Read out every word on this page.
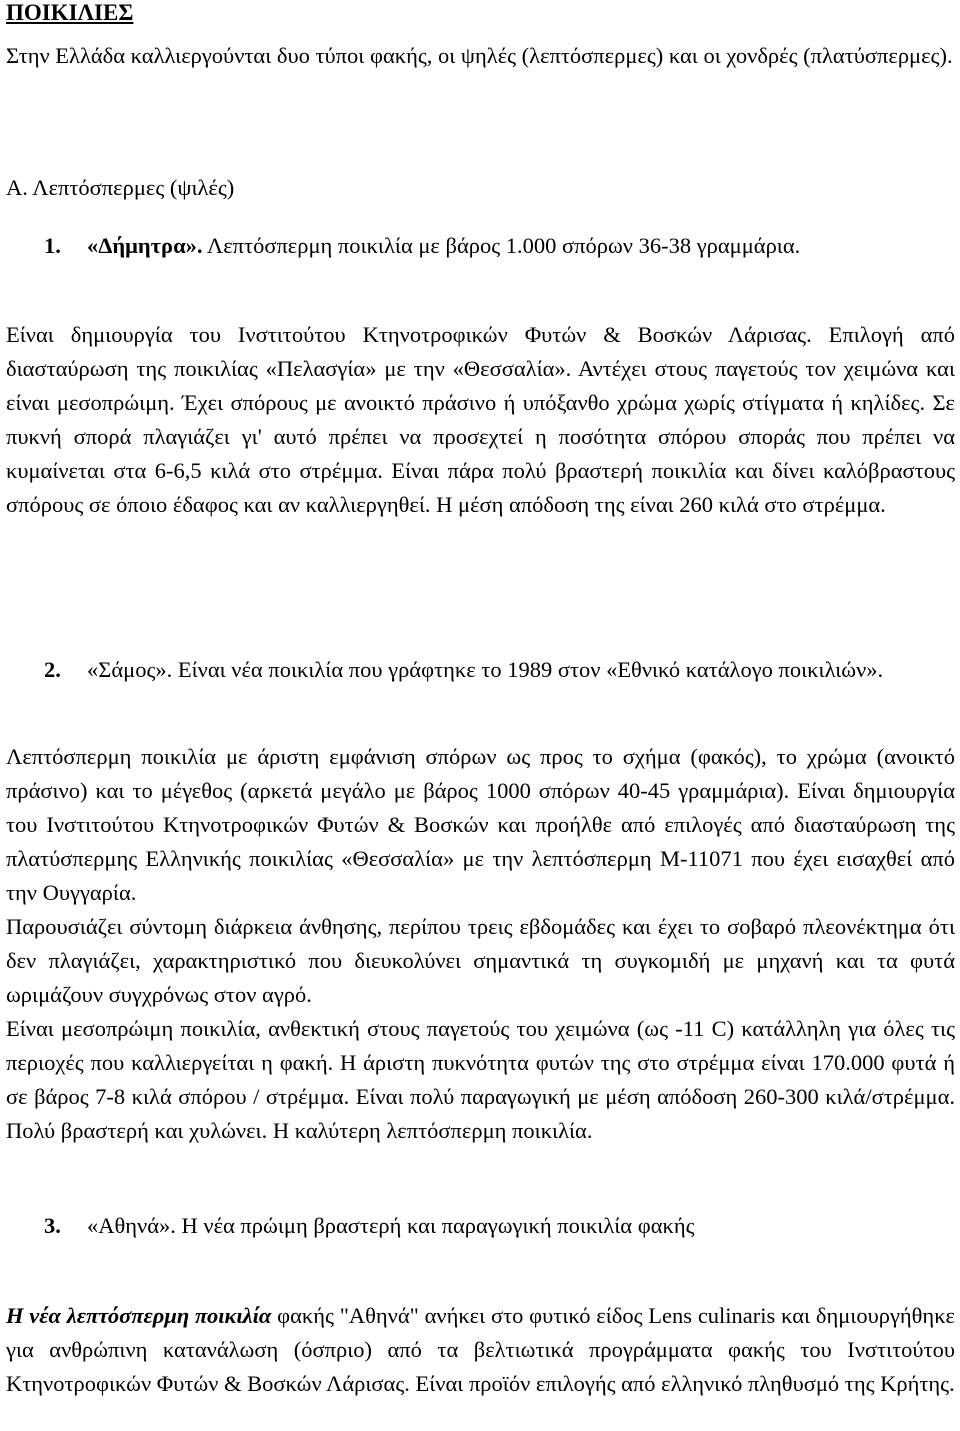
ΠΟΙΚΙΛΙΕΣ

Στην Ελλάδα καλλιεργούνται δυο τύποι φακής, οι ψηλές (λεπτόσπερμες) και οι χονδρές (πλατύσπερμες).

Α. Λεπτόσπερμες (ψιλές)
1. «Δήμητρα». Λεπτόσπερμη ποικιλία με βάρος 1.000 σπόρων 36-38 γραμμάρια.

Είναι δημιουργία του Ινστιτούτου Κτηνοτροφικών Φυτών & Βοσκών Λάρισας. Επιλογή από διασταύρωση της ποικιλίας «Πελασγία» με την «Θεσσαλία». Αντέχει στους παγετούς τον χειμώνα και είναι μεσοπρώιμη. Έχει σπόρους με ανοικτό πράσινο ή υπόξανθο χρώμα χωρίς στίγματα ή κηλίδες. Σε πυκνή σπορά πλαγιάζει γι' αυτό πρέπει να προσεχτεί η ποσότητα σπόρου σποράς που πρέπει να κυμαίνεται στα 6-6,5 κιλά στο στρέμμα. Είναι πάρα πολύ βραστερή ποικιλία και δίνει καλόβραστους σπόρους σε όποιο έδαφος και αν καλλιεργηθεί. Η μέση απόδοση της είναι 260 κιλά στο στρέμμα.

2. «Σάμος». Είναι νέα ποικιλία που γράφτηκε το 1989 στον «Εθνικό κατάλογο ποικιλιών».

Λεπτόσπερμη ποικιλία με άριστη εμφάνιση σπόρων ως προς το σχήμα (φακός), το χρώμα (ανοικτό πράσινο) και το μέγεθος (αρκετά μεγάλο με βάρος 1000 σπόρων 40-45 γραμμάρια). Είναι δημιουργία του Ινστιτούτου Κτηνοτροφικών Φυτών & Βοσκών και προήλθε από επιλογές από διασταύρωση της πλατύσπερμης Ελληνικής ποικιλίας «Θεσσαλία» με την λεπτόσπερμη Μ-11071 που έχει εισαχθεί από την Ουγγαρία.

Παρουσιάζει σύντομη διάρκεια άνθησης, περίπου τρεις εβδομάδες και έχει το σοβαρό πλεονέκτημα ότι δεν πλαγιάζει, χαρακτηριστικό που διευκολύνει σημαντικά τη συγκομιδή με μηχανή και τα φυτά ωριμάζουν συγχρόνως στον αγρό.

Είναι μεσοπρώιμη ποικιλία, ανθεκτική στους παγετούς του χειμώνα (ως -11 C) κατάλληλη για όλες τις περιοχές που καλλιεργείται η φακή. Η άριστη πυκνότητα φυτών της στο στρέμμα είναι 170.000 φυτά ή σε βάρος 7-8 κιλά σπόρου / στρέμμα. Είναι πολύ παραγωγική με μέση απόδοση 260-300 κιλά/στρέμμα. Πολύ βραστερή και χυλώνει. Η καλύτερη λεπτόσπερμη ποικιλία.

3. «Αθηνά». Η νέα πρώιμη βραστερή και παραγωγική ποικιλία φακής

Η νέα λεπτόσπερμη ποικιλία φακής "Αθηνά" ανήκει στο φυτικό είδος Lens culinaris και δημιουργήθηκε για ανθρώπινη κατανάλωση (όσπριο) από τα βελτιωτικά προγράμματα φακής του Ινστιτούτου Κτηνοτροφικών Φυτών & Βοσκών Λάρισας. Είναι προϊόν επιλογής από ελληνικό πληθυσμό της Κρήτης.
